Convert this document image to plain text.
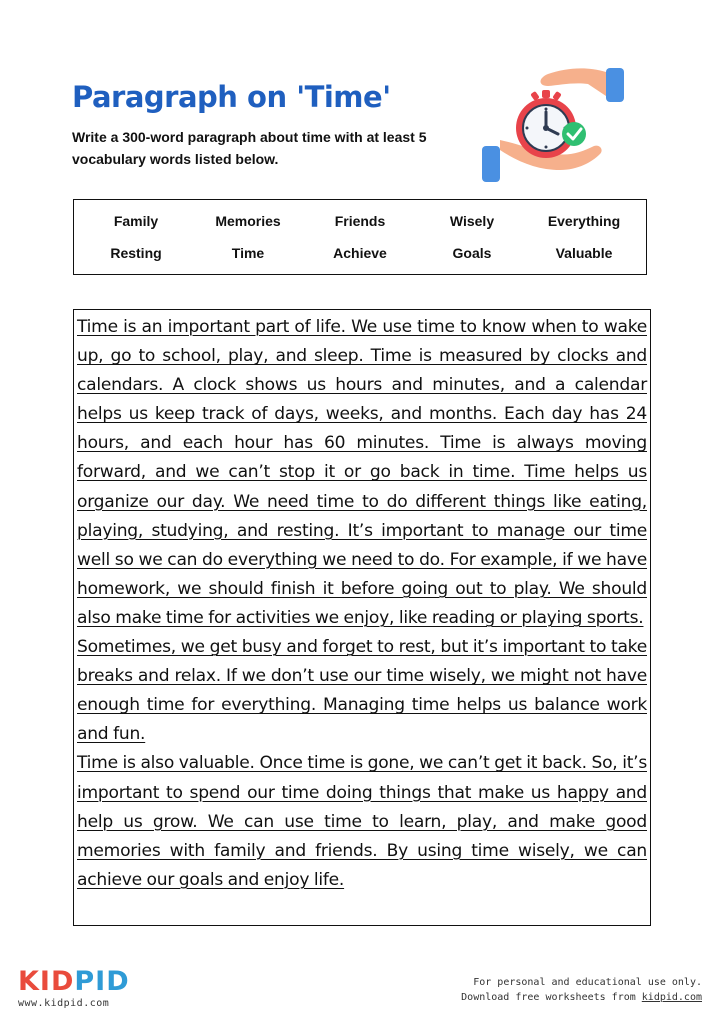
Paragraph on 'Time'

Write a 300-word paragraph about time with at least 5 vocabulary words listed below.

Family	Memories	Friends	Wisely	Everything
Resting	Time	Achieve	Goals	Valuable

Time is an important part of life. We use time to know when to wake up, go to school, play, and sleep. Time is measured by clocks and calendars. A clock shows us hours and minutes, and a calendar helps us keep track of days, weeks, and months. Each day has 24 hours, and each hour has 60 minutes. Time is always moving forward, and we can’t stop it or go back in time. Time helps us organize our day. We need time to do different things like eating, playing, studying, and resting. It’s important to manage our time well so we can do everything we need to do. For example, if we have homework, we should finish it before going out to play. We should also make time for activities we enjoy, like reading or playing sports.

Sometimes, we get busy and forget to rest, but it’s important to take breaks and relax. If we don’t use our time wisely, we might not have enough time for everything. Managing time helps us balance work and fun.

Time is also valuable. Once time is gone, we can’t get it back. So, it’s important to spend our time doing things that make us happy and help us grow. We can use time to learn, play, and make good memories with family and friends. By using time wisely, we can achieve our goals and enjoy life.

KIDPID
www.kidpid.com
For personal and educational use only.
Download free worksheets from kidpid.com
